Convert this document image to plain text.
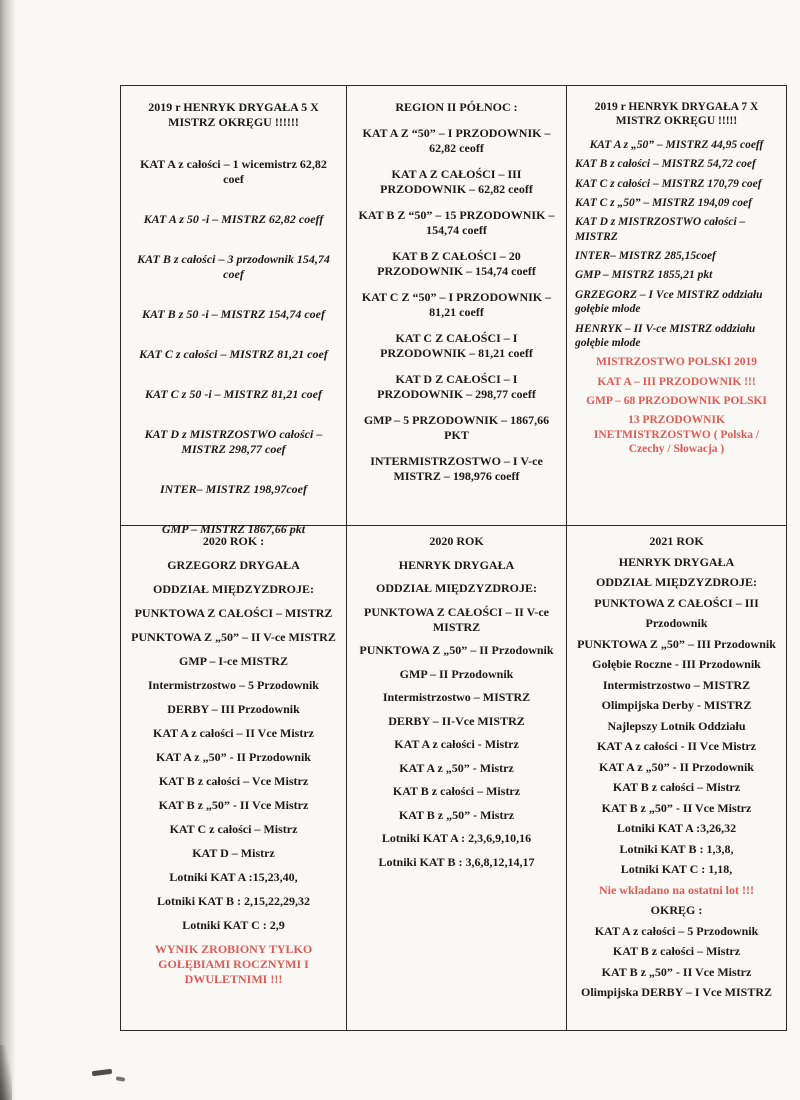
2019 r HENRYK DRYGAŁA 5 X MISTRZ OKRĘGU !!!!!!
KAT A z całości – 1 wicemistrz 62,82 coef
KAT A z 50 -i – MISTRZ 62,82 coeff
KAT B z całości – 3 przodownik 154,74 coef
KAT B z 50 -i – MISTRZ 154,74 coef
KAT C z całości – MISTRZ 81,21 coef
KAT C z 50 -i – MISTRZ 81,21 coef
KAT D z MISTRZOSTWO całości – MISTRZ 298,77 coef
INTER– MISTRZ 198,97coef
GMP – MISTRZ 1867,66 pkt
REGION II PÓŁNOC :
KAT A Z “50” – I PRZODOWNIK – 62,82 ceoff
KAT A Z CAŁOŚCI – III PRZODOWNIK – 62,82 ceoff
KAT B Z “50” – 15 PRZODOWNIK – 154,74 coeff
KAT B Z CAŁOŚCI – 20 PRZODOWNIK – 154,74 coeff
KAT C Z “50” – I PRZODOWNIK – 81,21 coeff
KAT C Z CAŁOŚCI – I PRZODOWNIK – 81,21 coeff
KAT D Z CAŁOŚCI – I PRZODOWNIK – 298,77 coeff
GMP – 5 PRZODOWNIK – 1867,66 PKT
INTERMISTRZOSTWO – I V-ce MISTRZ – 198,976 coeff
2019 r HENRYK DRYGAŁA 7 X MISTRZ OKRĘGU !!!!!
KAT A z „50” – MISTRZ 44,95 coeff
KAT B z całości – MISTRZ 54,72 coef
KAT C z całości – MISTRZ 170,79 coef
KAT C z „50” – MISTRZ 194,09 coef
KAT D z MISTRZOSTWO całości – MISTRZ
INTER– MISTRZ 285,15coef
GMP – MISTRZ 1855,21 pkt
GRZEGORZ – I Vce MISTRZ oddziału gołębie młode
HENRYK – II V-ce MISTRZ oddziału gołębie młode
MISTRZOSTWO POLSKI 2019
KAT A – III PRZODOWNIK !!!
GMP – 68 PRZODOWNIK POLSKI
13 PRZODOWNIK INETMISTRZOSTWO ( Polska / Czechy / Słowacja )
2020 ROK :
GRZEGORZ DRYGAŁA
ODDZIAŁ MIĘDZYZDROJE:
PUNKTOWA Z CAŁOŚCI – MISTRZ
PUNKTOWA Z „50” – II V-ce MISTRZ
GMP – I-ce MISTRZ
Intermistrzostwo – 5 Przodownik
DERBY – III Przodownik
KAT A z całości – II Vce Mistrz
KAT A z „50” - II Przodownik
KAT B z całości – Vce Mistrz
KAT B z „50” - II Vce Mistrz
KAT C z całości – Mistrz
KAT D – Mistrz
Lotniki KAT A :15,23,40,
Lotniki KAT B : 2,15,22,29,32
Lotniki KAT C : 2,9
WYNIK ZROBIONY TYLKO GOŁĘBIAMI ROCZNYMI I DWULETNIMI !!!
2020 ROK
HENRYK DRYGAŁA
ODDZIAŁ MIĘDZYZDROJE:
PUNKTOWA Z CAŁOŚCI – II V-ce MISTRZ
PUNKTOWA Z „50” – II Przodownik
GMP – II Przodownik
Intermistrzostwo – MISTRZ
DERBY – II-Vce MISTRZ
KAT A z całości - Mistrz
KAT A z „50” - Mistrz
KAT B z całości – Mistrz
KAT B z „50” - Mistrz
Lotniki KAT A : 2,3,6,9,10,16
Lotniki KAT B : 3,6,8,12,14,17
2021 ROK
HENRYK DRYGAŁA
ODDZIAŁ MIĘDZYZDROJE:
PUNKTOWA Z CAŁOŚCI – III
Przodownik
PUNKTOWA Z „50” – III Przodownik
Gołębie Roczne - III Przodownik
Intermistrzostwo – MISTRZ
Olimpijska Derby - MISTRZ
Najlepszy Lotnik Oddziału
KAT A z całości - II Vce Mistrz
KAT A z „50” - II Przodownik
KAT B z całości – Mistrz
KAT B z „50” - II Vce Mistrz
Lotniki KAT A :3,26,32
Lotniki KAT B : 1,3,8,
Lotniki KAT C : 1,18,
Nie wkladano na ostatni lot !!!
OKRĘG :
KAT A z całości – 5 Przodownik
KAT B z całości – Mistrz
KAT B z „50” - II Vce Mistrz
Olimpijska DERBY – I Vce MISTRZ
